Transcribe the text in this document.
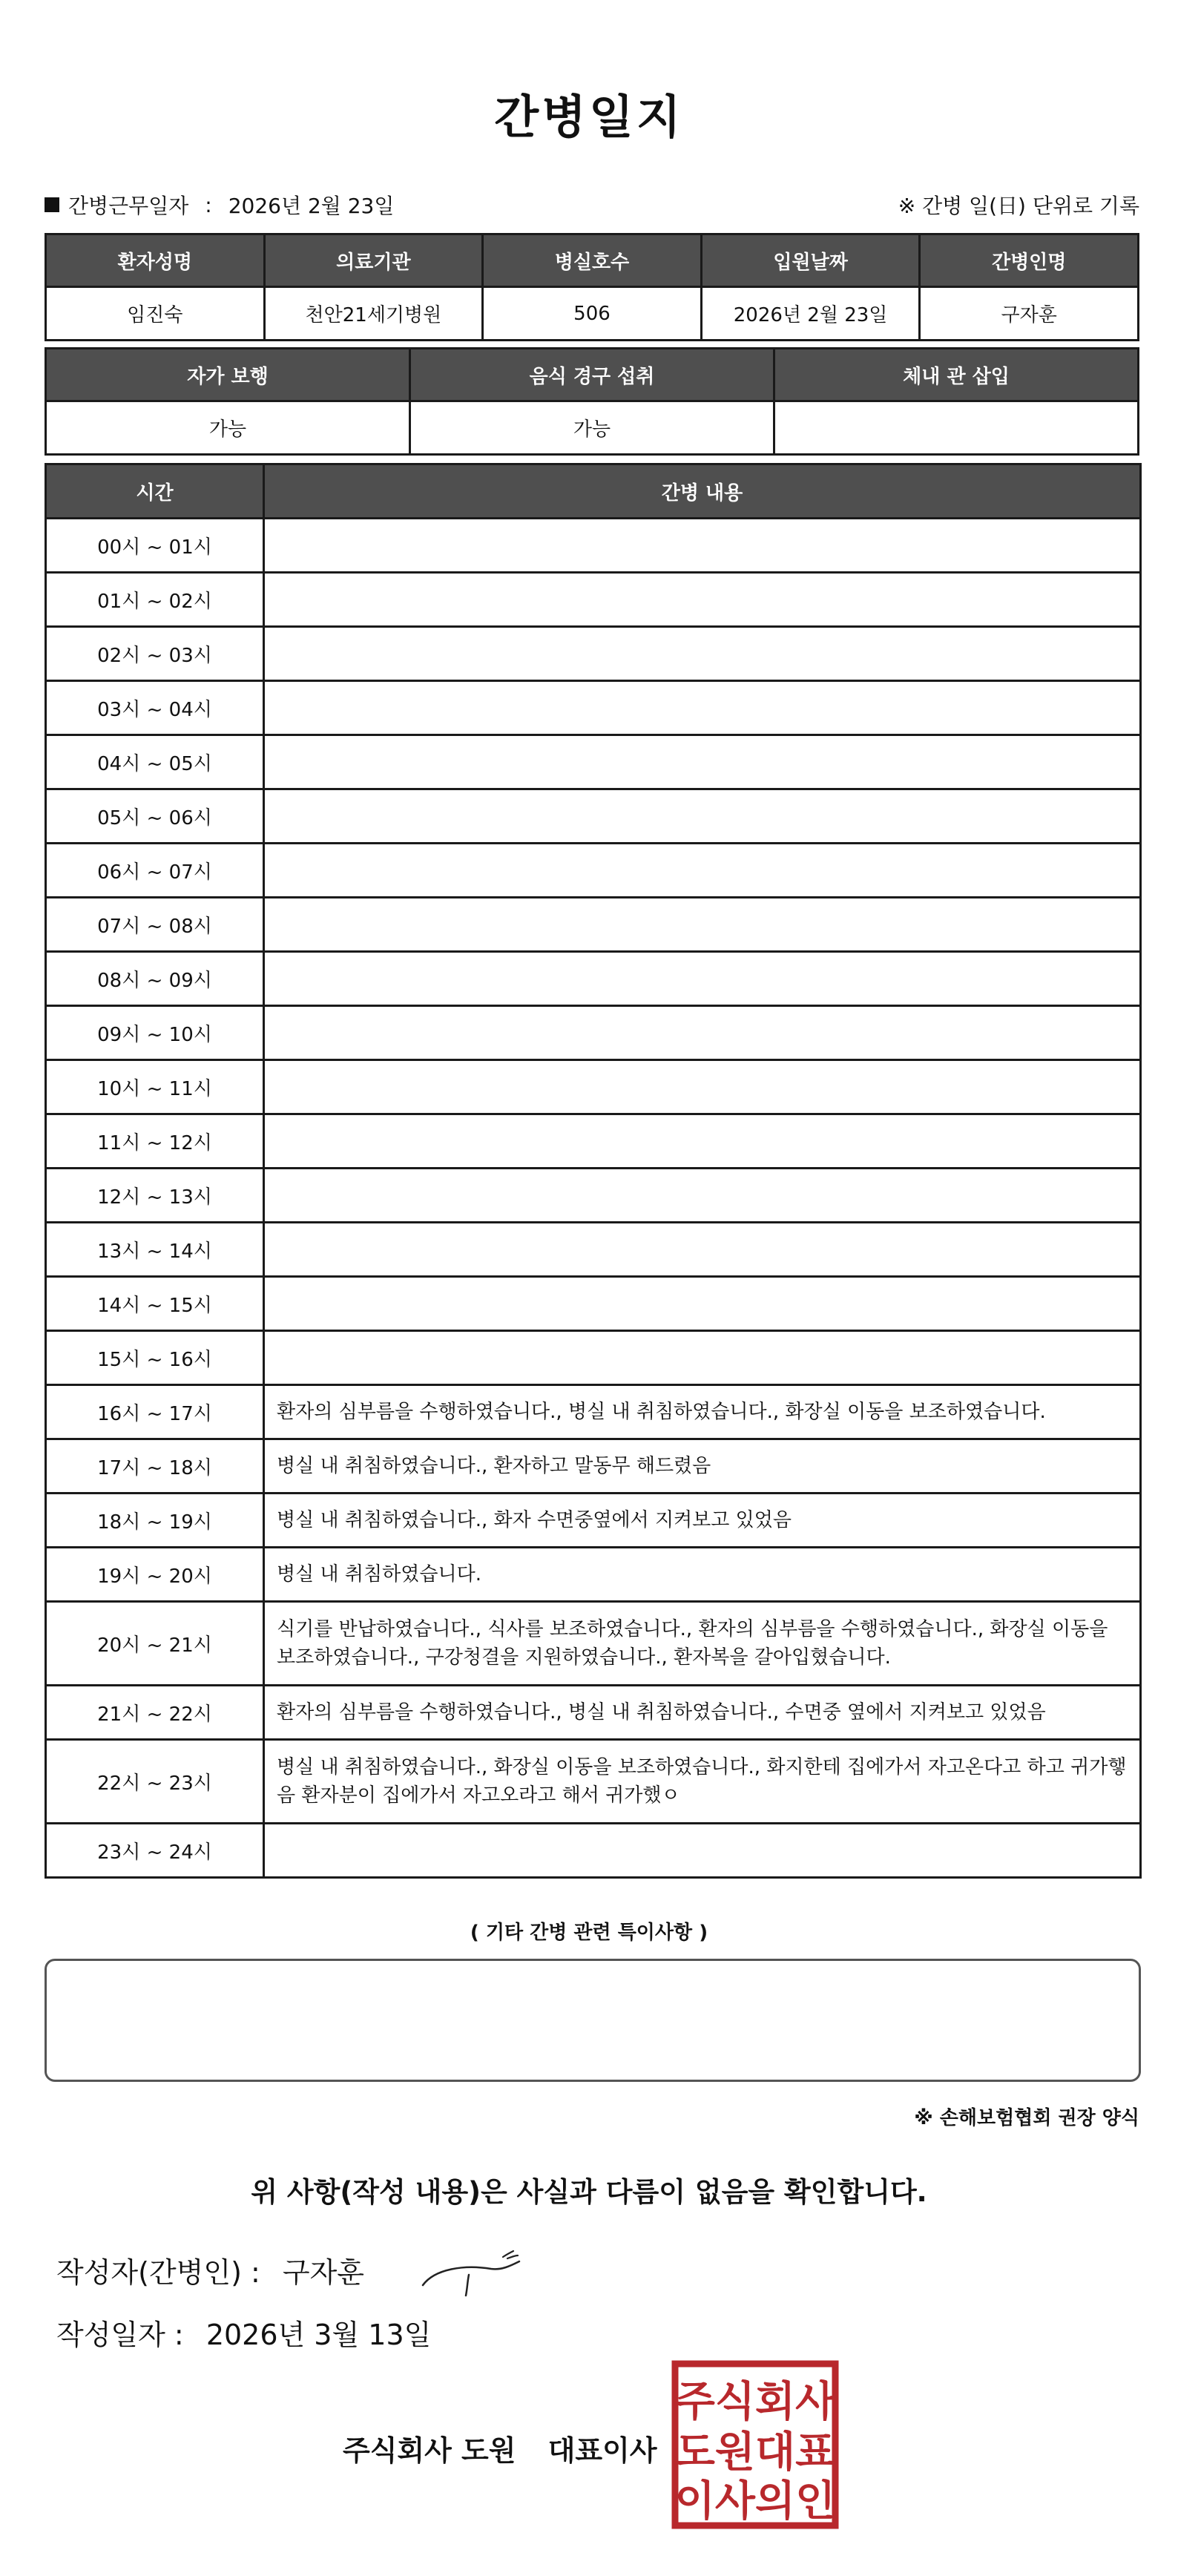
간병일지
간병근무일자 : 2026년 2월 23일	※ 간병 일(日) 단위로 기록
환자성명	의료기관	병실호수	입원날짜	간병인명
임진숙	천안21세기병원	506	2026년 2월 23일	구자훈
자가 보행	음식 경구 섭취	체내 관 삽입
가능	가능	
시간	간병 내용
00시 ~ 01시	
01시 ~ 02시	
02시 ~ 03시	
03시 ~ 04시	
04시 ~ 05시	
05시 ~ 06시	
06시 ~ 07시	
07시 ~ 08시	
08시 ~ 09시	
09시 ~ 10시	
10시 ~ 11시	
11시 ~ 12시	
12시 ~ 13시	
13시 ~ 14시	
14시 ~ 15시	
15시 ~ 16시	
16시 ~ 17시	환자의 심부름을 수행하였습니다., 병실 내 취침하였습니다., 화장실 이동을 보조하였습니다.
17시 ~ 18시	병실 내 취침하였습니다., 환자하고 말동무 해드렸음
18시 ~ 19시	병실 내 취침하였습니다., 화자 수면중옆에서 지켜보고 있었음
19시 ~ 20시	병실 내 취침하였습니다.
20시 ~ 21시	식기를 반납하였습니다., 식사를 보조하였습니다., 환자의 심부름을 수행하였습니다., 화장실 이동을 보조하였습니다., 구강청결을 지원하였습니다., 환자복을 갈아입혔습니다.
21시 ~ 22시	환자의 심부름을 수행하였습니다., 병실 내 취침하였습니다., 수면중 옆에서 지켜보고 있었음
22시 ~ 23시	병실 내 취침하였습니다., 화장실 이동을 보조하였습니다., 화지한테 집에가서 자고온다고 하고 귀가햏음 환자분이 집에가서 자고오라고 해서 귀가했ㅇ
23시 ~ 24시	
( 기타 간병 관련 특이사항 )
※ 손해보험협회 권장 양식
위 사항(작성 내용)은 사실과 다름이 없음을 확인합니다.
작성자(간병인) : 구자훈
작성일자 : 2026년 3월 13일
주식회사 도원 대표이사
주식회사
도원대표
이사의인
